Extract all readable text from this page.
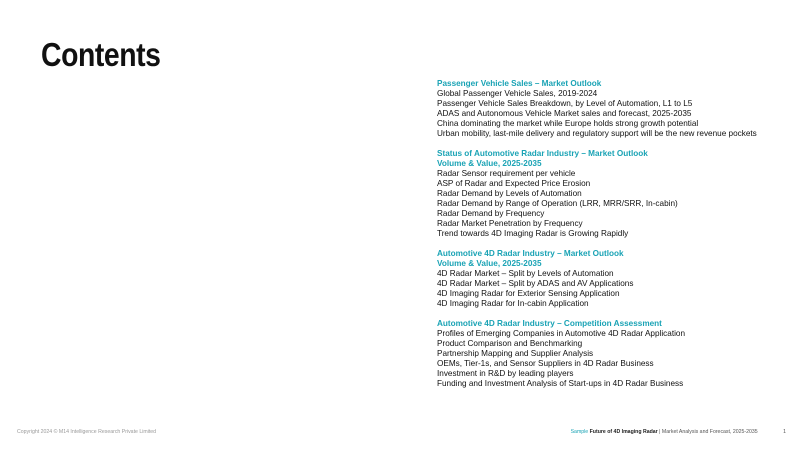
Contents
Passenger Vehicle Sales – Market Outlook
Global Passenger Vehicle Sales, 2019-2024
Passenger Vehicle Sales Breakdown, by Level of Automation, L1 to L5
ADAS and Autonomous Vehicle Market sales and forecast, 2025-2035
China dominating the market while Europe holds strong growth potential
Urban mobility, last-mile delivery and regulatory support will be the new revenue pockets
Status of Automotive Radar Industry – Market Outlook
Volume & Value, 2025-2035
Radar Sensor requirement per vehicle
ASP of Radar and Expected Price Erosion
Radar Demand by Levels of Automation
Radar Demand by Range of Operation (LRR, MRR/SRR, In-cabin)
Radar Demand by Frequency
Radar Market Penetration by Frequency
Trend towards 4D Imaging Radar is Growing Rapidly
Automotive 4D Radar Industry – Market Outlook
Volume & Value, 2025-2035
4D Radar Market – Split by Levels of Automation
4D Radar Market – Split by ADAS and AV Applications
4D Imaging Radar for Exterior Sensing Application
4D Imaging Radar for In-cabin Application
Automotive 4D Radar Industry – Competition Assessment
Profiles of Emerging Companies in Automotive 4D Radar Application
Product Comparison and Benchmarking
Partnership Mapping and Supplier Analysis
OEMs, Tier-1s, and Sensor Suppliers in 4D Radar Business
Investment in R&D by leading players
Funding and Investment Analysis of Start-ups in 4D Radar Business
Copyright 2024 © M14 Intelligence Research Private Limited	Sample Future of 4D Imaging Radar | Market Analysis and Forecast, 2025-2035	1
